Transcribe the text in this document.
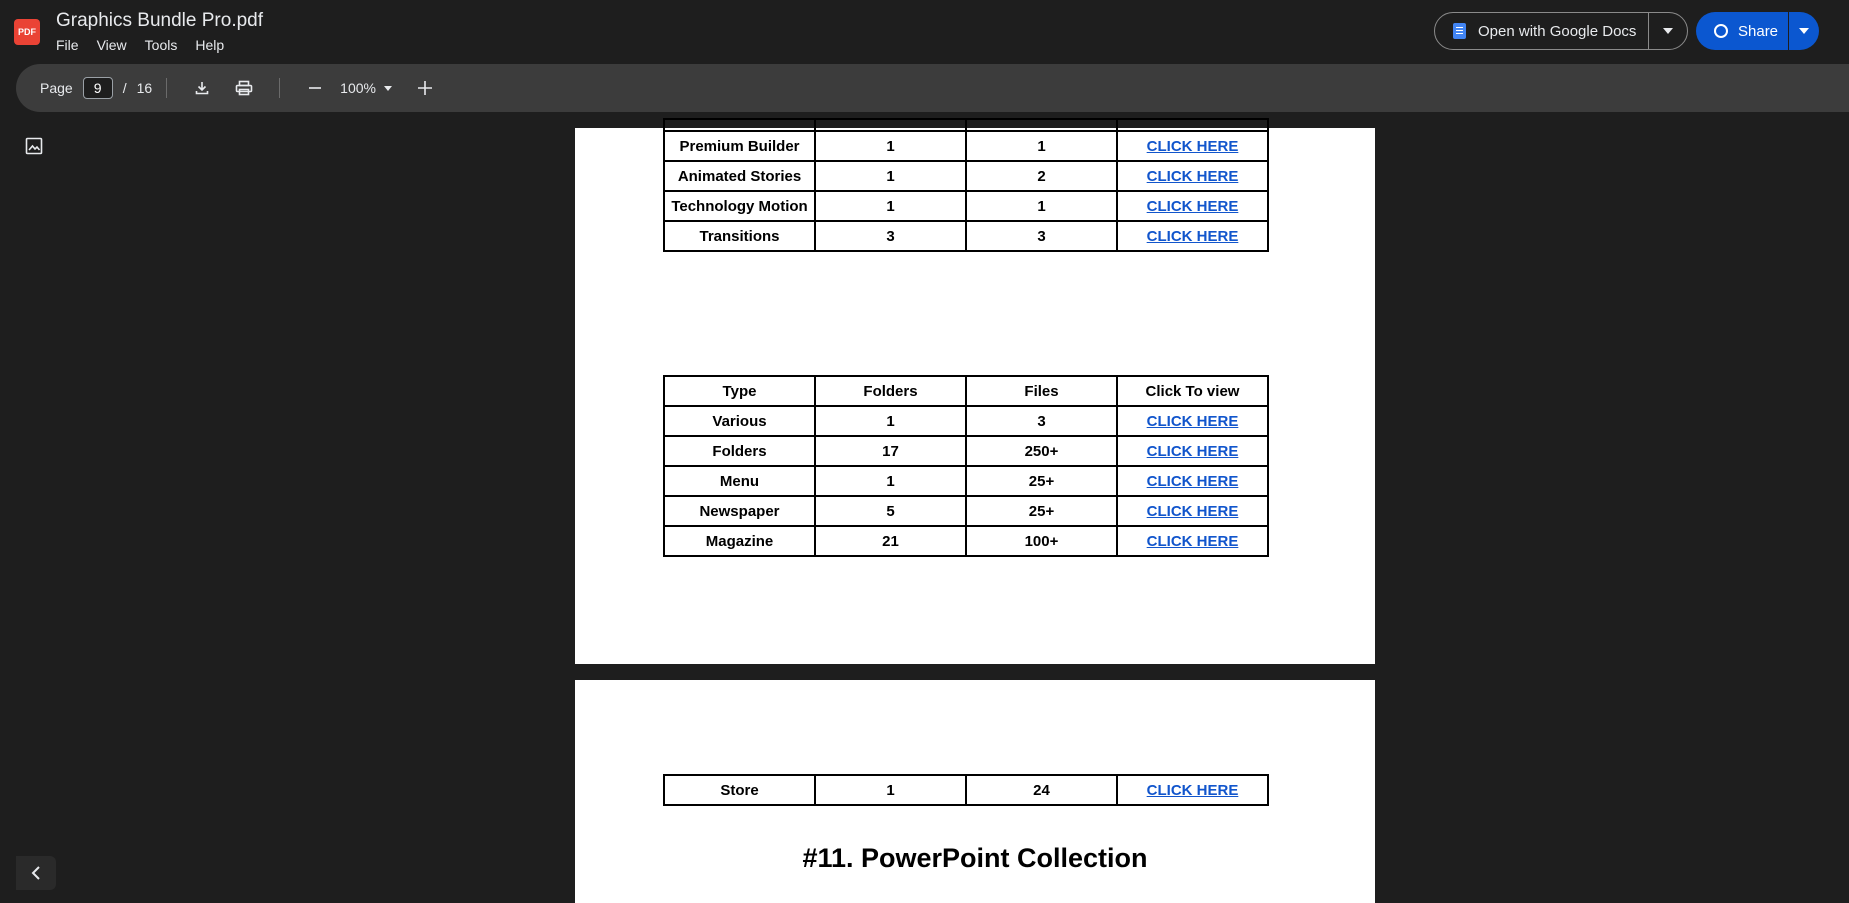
PDF
Graphics Bundle Pro.pdf
File View Tools Help
Open with Google Docs	Share
Page
9	/ 16	100%

Premium Builder	1	1	CLICK HERE
Animated Stories	1	2	CLICK HERE
Technology Motion	1	1	CLICK HERE
Transitions	3	3	CLICK HERE
Type	Folders	Files	Click To view
Various	1	3	CLICK HERE
Folders	17	250+	CLICK HERE
Menu	1	25+	CLICK HERE
Newspaper	5	25+	CLICK HERE
Magazine	21	100+	CLICK HERE
Store	1	24	CLICK HERE
#11. PowerPoint Collection
